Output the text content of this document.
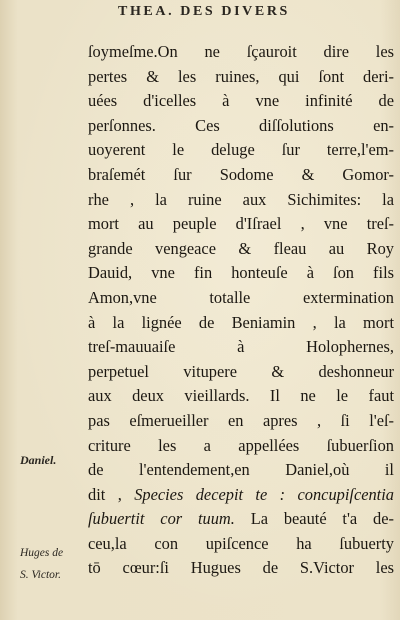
THEA. DES DIVERS
ſoymeſme.On ne ſçauroit dire les
pertes & les ruines, qui ſont deri-
uées d'icelles à vne infinité de
perſonnes. Ces diſſolutions en-
uoyerent le deluge ſur terre,l'em-
braſemét ſur Sodome & Gomor-
rhe , la ruine aux Sichimites: la
mort au peuple d'Iſrael , vne treſ-
grande vengeace & fleau au Roy
Dauid, vne fin honteuſe à ſon fils
Amon,vne totalle extermination
à la lignée de Beniamin , la mort
treſ-mauuaiſe à Holophernes,
perpetuel vitupere & deshonneur
aux deux vieillards. Il ne le faut
pas eſmerueiller en apres , ſi l'eſ-
criture les a appellées ſubuerſion
de l'entendement,en Daniel,où il
dit , Species decepit te : concupiſcentia
ſubuertit cor tuum. La beauté t'a de-
ceu,la con upiſcence ha ſubuerty
tō cœur:ſi Hugues de S.Victor les
Daniel.
Huges de
S. Victor.
